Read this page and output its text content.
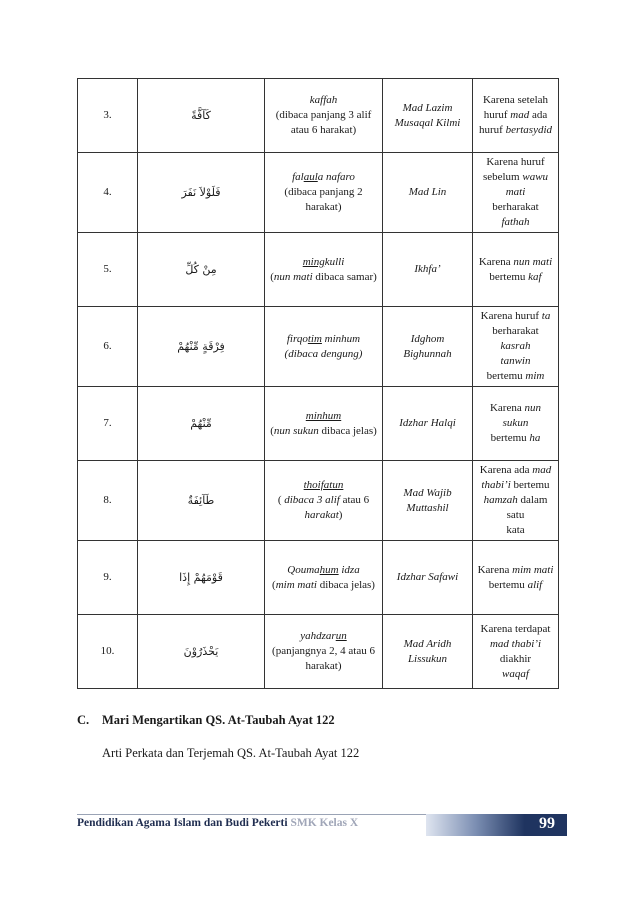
3.	كَآفَّةً	kaffah
(dibaca panjang 3 alif atau 6 harakat)	Mad Lazim
Musaqal Kilmi	Karena setelah
huruf mad ada
huruf bertasydid
4.	فَلَوْلاَ نَفَرَ	falaula nafaro
(dibaca panjang 2 harakat)	Mad Lin	Karena huruf
sebelum wawu mati
berharakat fathah
5.	مِنْ كُلِّ	mingkulli
(nun mati dibaca samar)	Ikhfa’	Karena nun mati
bertemu kaf
6.	فِرْقَةٍ مِّنْهُمْ	firqotim minhum
(dibaca dengung)	Idghom
Bighunnah	Karena huruf ta
berharakat kasrah
tanwin
bertemu mim
7.	مِّنْهُمْ	minhum
(nun sukun dibaca jelas)	Idzhar Halqi	Karena nun sukun
bertemu ha
8.	طَآئِفَةٌ	thoifatun
( dibaca 3 alif atau 6 harakat)	Mad Wajib
Muttashil	Karena ada mad
thabi’i bertemu
hamzah dalam satu
kata
9.	قَوْمَهُمْ إِذَا	Qoumahum idza
(mim mati dibaca jelas)	Idzhar Safawi	Karena mim mati
bertemu alif
10.	يَحْذَرُوْنَ	yahdzarun
(panjangnya 2, 4 atau 6 harakat)	Mad Aridh
Lissukun	Karena terdapat
mad thabi’i diakhir
waqaf
C. Mari Mengartikan QS. At-Taubah Ayat 122
Arti Perkata dan Terjemah QS. At-Taubah Ayat 122
Pendidikan Agama Islam dan Budi Pekerti SMK Kelas X	99
